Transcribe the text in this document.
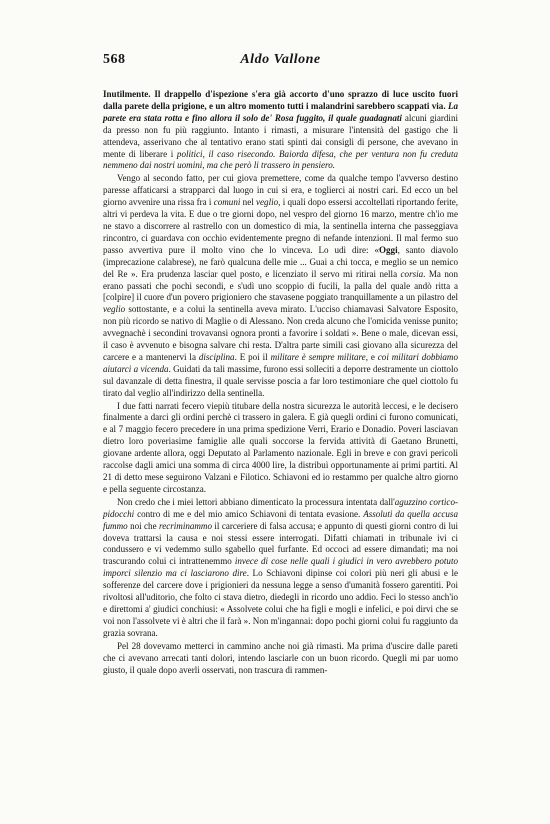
568	Aldo Vallone

Inutilmente. Il drappello d'ispezione s'era già accorto d'uno sprazzo di luce uscito fuori dalla parete della prigione, e un altro momento tutti i malandrini sarebbero scappati via. La parete era stata rotta e fino allora il solo de' Rosa fuggito, il quale guadagnati alcuni giardini da presso non fu più raggiunto. Intanto i rimasti, a misurare l'intensità del gastigo che li attendeva, asserivano che al tentativo erano stati spinti dai consigli di persone, che avevano in mente di liberare i politici, il caso risecondo. Baiorda difesa, che per ventura non fu creduta nemmeno dai nostri uomini, ma che però li trassero in pensiero.

Vengo al secondo fatto, per cui giova premettere, come da qualche tempo l'avverso destino paresse affaticarsi a strapparci dal luogo in cui si era, e toglierci ai nostri cari. Ed ecco un bel giorno avvenire una rissa fra i comuni nel veglio, i quali dopo essersi accoltellati riportando ferite, altri vi perdeva la vita. E due o tre giorni dopo, nel vespro del giorno 16 marzo, mentre ch'io me ne stavo a discorrere al rastrello con un domestico di mia, la sentinella interna che passeggiava rincontro, ci guardava con occhio evidentemente pregno di nefande intenzioni. Il mal fermo suo passo avvertiva pure il molto vino che lo vinceva. Lo udì dire: «Oggi, santo diavolo (imprecazione calabrese), ne farò qualcuna delle mie ... Guai a chi tocca, e meglio se un nemico del Re ». Era prudenza lasciar quel posto, e licenziato il servo mi ritirai nella corsia. Ma non erano passati che pochi secondi, e s'udì uno scoppio di fucili, la palla del quale andò ritta a [colpire] il cuore d'un povero prigioniero che stavasene poggiato tranquillamente a un pilastro del veglio sottostante, e a colui la sentinella aveva mirato. L'ucciso chiamavasi Salvatore Esposito, non più ricordo se nativo di Maglie o di Alessano. Non creda alcuno che l'omicida venisse punito; avvegnachè i secondini trovavansi ognora pronti a favorire i soldati ». Bene o male, dicevan essi, il caso è avvenuto e bisogna salvare chi resta. D'altra parte simili casi giovano alla sicurezza del carcere e a mantenervi la disciplina. E poi il militare è sempre militare, e coi militari dobbiamo aiutarci a vicenda. Guidati da tali massime, furono essi solleciti a deporre destramente un ciottolo sul davanzale di detta finestra, il quale servisse poscia a far loro testimoniare che quel ciottolo fu tirato dal veglio all'indirizzo della sentinella.

I due fatti narrati fecero viepiù titubare della nostra sicurezza le autorità leccesi, e le decisero finalmente a darci gli ordini perchè ci trassero in galera. E già quegli ordini ci furono comunicati, e al 7 maggio fecero precedere in una prima spedizione Verri, Erario e Donadio. Poveri lasciavan dietro loro poveriasime famiglie alle quali soccorse la fervida attività di Gaetano Brunetti, giovane ardente allora, oggi Deputato al Parlamento nazionale. Egli in breve e con gravi pericoli raccolse dagli amici una somma di circa 4000 lire, la distribuì opportunamente ai primi partiti. Al 21 di detto mese seguirono Valzani e Filotico. Schiavoni ed io restammo per qualche altro giorno e pella seguente circostanza.

Non credo che i miei lettori abbiano dimenticato la processura intentata dall'aguzzino cortico-pidocchi contro di me e del mio amico Schiavoni di tentata evasione. Assoluti da quella accusa fummo noi che recriminammo il carceriere di falsa accusa; e appunto di questi giorni contro di lui doveva trattarsi la causa e noi stessi essere interrogati. Difatti chiamati in tribunale ivi ci condussero e vi vedemmo sullo sgabello quel furfante. Ed occoci ad essere dimandati; ma noi trascurando colui ci intrattenemmo invece di cose nelle quali i giudici in vero avrebbero potuto imporci silenzio ma ci lasciarono dire. Lo Schiavoni dipinse coi colori più neri gli abusi e le sofferenze del carcere dove i prigionieri da nessuna legge a senso d'umanità fossero garentiti. Poi rivoltosi all'uditorio, che folto ci stava dietro, diedegli in ricordo uno addio. Feci lo stesso anch'io e direttomi a' giudici conchiusi: « Assolvete colui che ha figli e mogli e infelici, e poi dirvi che se voi non l'assolvete vi è altri che il farà ». Non m'ingannai: dopo pochi giorni colui fu raggiunto da grazia sovrana.

Pel 28 dovevamo metterci in cammino anche noi già rimasti. Ma prima d'uscire dalle pareti che ci avevano arrecati tanti dolori, intendo lasciarle con un buon ricordo. Quegli mi par uomo giusto, il quale dopo averli osservati, non trascura di rammen-
